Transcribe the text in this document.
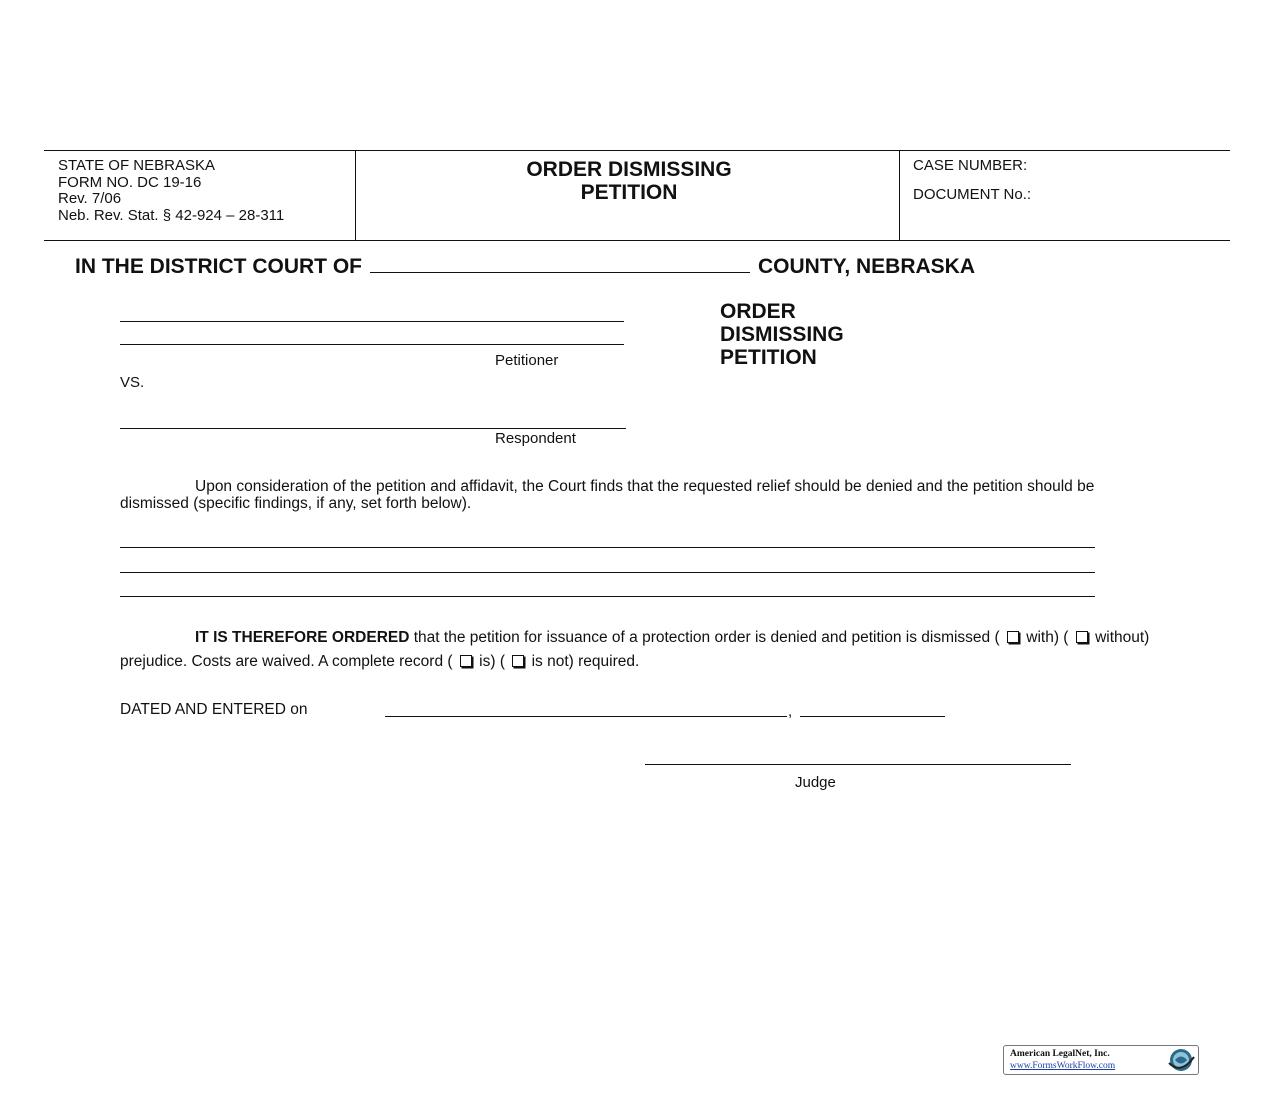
STATE OF NEBRASKA
FORM NO. DC 19-16
Rev. 7/06
Neb. Rev. Stat. § 42-924 – 28-311
ORDER DISMISSING
PETITION
CASE NUMBER:
DOCUMENT No.:
IN THE DISTRICT COURT OF	COUNTY, NEBRASKA
Petitioner
VS.
Respondent
ORDER
DISMISSING
PETITION
Upon consideration of the petition and affidavit, the Court finds that the requested relief should be denied and the petition should be dismissed (specific findings, if any, set forth below).
IT IS THEREFORE ORDERED that the petition for issuance of a protection order is denied and petition is dismissed (  with) (  without) prejudice. Costs are waived. A complete record (  is) (  is not) required.
DATED AND ENTERED on	,
Judge
American LegalNet, Inc.
www.FormsWorkFlow.com
